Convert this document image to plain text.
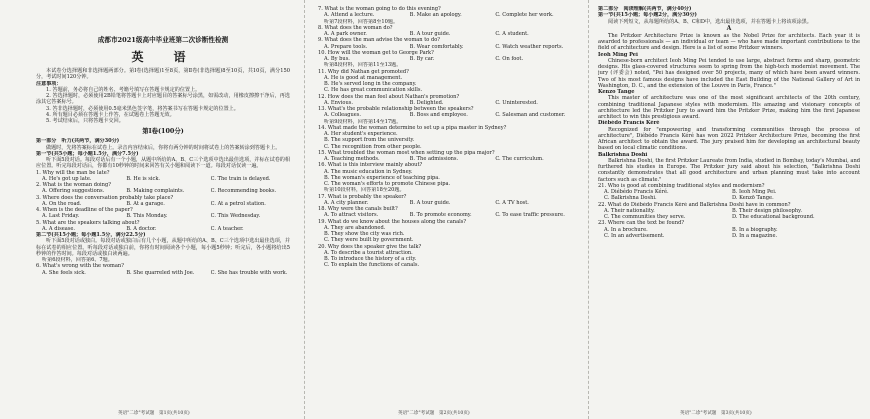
成都市2021级高中毕业班第二次诊断性检测
英　语
本试卷分选择题和非选择题两部分。第Ⅰ卷(选择题)1至8页，第Ⅱ卷(非选择题)8至10页，共10页，满分150分，考试时间120分钟。
注意事项：
1. 答题前，务必将自己的姓名、考籍号填写在答题卡规定的位置上。
2. 答选择题时，必须使用2B铅笔将答题卡上对应题目的答案标号涂黑，如需改动，用橡皮擦擦干净后，再选涂其它答案标号。
3. 答非选择题时，必须使用0.5毫米黑色签字笔，将答案书写在答题卡规定的位置上。
4. 所有题目必须在答题卡上作答，在试题卷上答题无效。
5. 考试结束后，只将答题卡交回。
第Ⅰ卷(100分)
第一部分　听力(共两节，满分30分)
做题时，先将答案标在试卷上。录音内容结束后，你将有两分钟的时间将试卷上的答案转涂到答题卡上。
第一节(共5小题；每小题1.5分，满分7.5分)
听下面5段对话。每段对话后有一个小题，从题中所给的A、B、C三个选项中选出最佳选项，并标在试卷的相应位置。听完每段对话后，你都有10秒钟的时间来回答有关小题和阅读下一道。每段对话仅读一遍。
1. Why will the man be late?
A. He's got up late.	B. He is sick.	C. The train is delayed.
2. What is the woman doing?
A. Offering suggestions.	B. Making complaints.	C. Recommending books.
3. Where does the conversation probably take place?
A. On the road.	B. At a garage.	C. At a petrol station.
4. When is the deadline of the paper?
A. Last Friday.	B. This Monday.	C. This Wednesday.
5. What are the speakers talking about?
A. A disease.	B. A doctor.	C. A teacher.
第二节(共15小题；每小题1.5分，满分22.5分)
听下面5段对话或独白。每段对话或独白后有几个小题，从题中所给的A、B、C三个选项中选出最佳选项，并标在试卷的相应位置。听每段对话或独白前，你将有时间阅读各个小题，每小题5秒钟；听完后，各小题将给出5秒钟的作答时间。每段对话或独白读两遍。
听第6段材料，回答第6、7题。
6. What's wrong with the woman?
A. She feels sick.	B. She quarreled with Joe.	C. She has trouble with work.
英语"二诊"考试题　第1页(共10页)
7. What is the woman going to do this evening?
A. Attend a lecture.	B. Make an apology.	C. Complete her work.
听第7段材料，回答第8至10题。
8. What does the woman do?
A. A park owner.	B. A tour guide.	C. A student.
9. What does the man advise the woman to do?
A. Prepare tools.	B. Wear comfortably.	C. Watch weather reports.
10. How will the woman get to George Park?
A. By bus.	B. By car.	C. On foot.
听第8段材料，回答第11至13题。
11. Why did Nathan get promoted?
A. He is good at management.
B. He's served long in the company.
C. He has great communication skills.
12. How does the man feel about Nathan's promotion?
A. Envious.	B. Delighted.	C. Uninterested.
13. What's the probable relationship between the speakers?
A. Colleagues.	B. Boss and employee.	C. Salesman and customer.
听第9段材料，回答第14至17题。
14. What made the woman determine to set up a pipa master in Sydney?
A. Her student's experience.
B. The support from the university.
C. The recognition from other people.
15. What troubled the woman most when setting up the pipa major?
A. Teaching methods.	B. The admissions.	C. The curriculum.
16. What is this interview mainly about?
A. The music education in Sydney.
B. The woman's experience of teaching pipa.
C. The woman's efforts to promote Chinese pipa.
听第10段材料，回答第18至20题。
17. What is probably the speaker?
A. A city planner.	B. A tour guide.	C. A TV host.
18. Why were the canals built?
A. To attract visitors.	B. To promote economy.	C. To ease traffic pressure.
19. What do we know about the houses along the canals?
A. They are abandoned.
B. They show the city was rich.
C. They were built by government.
20. Why does the speaker give the talk?
A. To describe a tourist attraction.
B. To introduce the history of a city.
C. To explain the functions of canals.
英语"二诊"考试题　第2页(共10页)
第二部分　阅读理解(共两节，满分40分)
第一节(共15小题；每小题2分，满分30分)
阅读下列短文，从每题所给的A、B、C和D中，选出最佳选项，并在答题卡上将该项涂黑。
A
The Pritzker Architecture Prize is known as the Nobel Prize for architects. Each year it is awarded to professionals — an individual or team — who have made important contributions to the field of architecture and design. Here is a list of some Pritzker winners.
Ieoh Ming Pei
Chinese-born architect Ieoh Ming Pei tended to use large, abstract forms and sharp, geometric designs. His glass-covered structures seem to spring from the high-tech modernist movement. The jury (评委会) noted, "Pei has designed over 50 projects, many of which have been award winners. Two of his most famous designs have included the East Building of the National Gallery of Art in Washington, D. C., and the extension of the Louvre in Paris, France."
Kenzō Tange
This master of architecture was one of the most significant architects of the 20th century, combining traditional Japanese styles with modernism. His amazing and visionary concepts of architecture led the Pritzker Jury to award him the Pritzker Prize, making him the first Japanese architect to win this prestigious award.
Diébédo Francis Kéré
Recognized for "empowering and transforming communities through the process of architecture", Diébédo Francis Kéré has won 2022 Pritzker Architecture Prize, becoming the first African architect to obtain the award. The jury praised him for developing an architectural beauty based on local climatic conditions.
Balkrishna Doshi
Balkrishna Doshi, the first Pritzker Laureate from India, studied in Bombay, today's Mumbai, and furthered his studies in Europe. The Pritzker jury said about his selection, "Balkrishna Doshi constantly demonstrates that all good architecture and urban planning must take into account factors such as climate."
21. Who is good at combining traditional styles and modernism?
A. Diébédo Francis Kéré.	B. Ieoh Ming Pei.
C. Balkrishna Doshi.	D. Kenzō Tange.
22. What do Diébédo Francis Kéré and Balkrishna Doshi have in common?
A. Their nationality.	B. Their design philosophy.
C. The communities they serve.	D. The educational background.
23. Where can the text be found?
A. In a brochure.	B. In a biography.
C. In an advertisement.	D. In a magazine.
英语"二诊"考试题　第3页(共10页)
